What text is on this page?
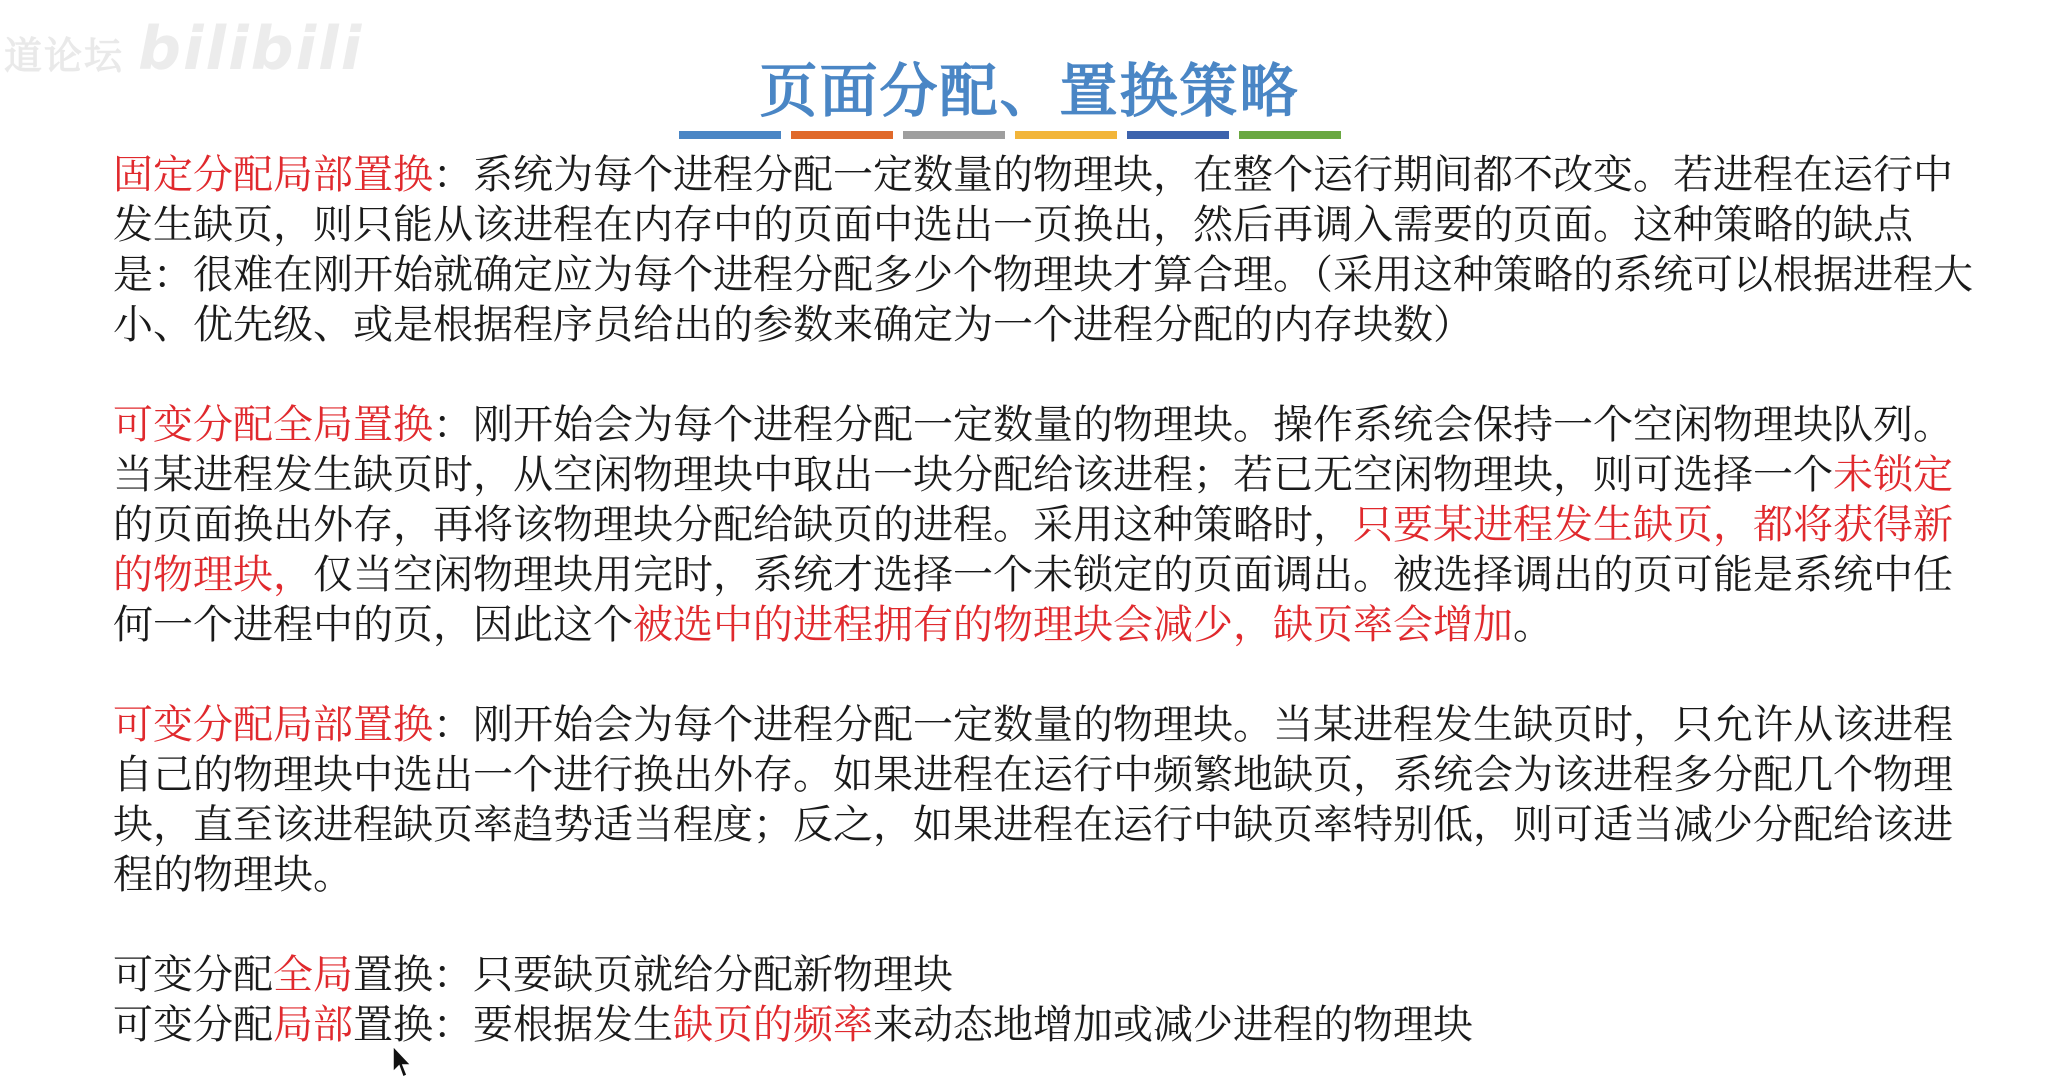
道论坛 bilibili
页面分配、置换策略

固定分配局部置换：系统为每个进程分配一定数量的物理块，在整个运行期间都不改变。若进程在运行中发生缺页，则只能从该进程在内存中的页面中选出一页换出，然后再调入需要的页面。这种策略的缺点是：很难在刚开始就确定应为每个进程分配多少个物理块才算合理。（采用这种策略的系统可以根据进程大小、优先级、或是根据程序员给出的参数来确定为一个进程分配的内存块数）

可变分配全局置换：刚开始会为每个进程分配一定数量的物理块。操作系统会保持一个空闲物理块队列。当某进程发生缺页时，从空闲物理块中取出一块分配给该进程；若已无空闲物理块，则可选择一个未锁定的页面换出外存，再将该物理块分配给缺页的进程。采用这种策略时，只要某进程发生缺页，都将获得新的物理块，仅当空闲物理块用完时，系统才选择一个未锁定的页面调出。被选择调出的页可能是系统中任何一个进程中的页，因此这个被选中的进程拥有的物理块会减少，缺页率会增加。

可变分配局部置换：刚开始会为每个进程分配一定数量的物理块。当某进程发生缺页时，只允许从该进程自己的物理块中选出一个进行换出外存。如果进程在运行中频繁地缺页，系统会为该进程多分配几个物理块，直至该进程缺页率趋势适当程度；反之，如果进程在运行中缺页率特别低，则可适当减少分配给该进程的物理块。

可变分配全局置换：只要缺页就给分配新物理块

可变分配局部置换：要根据发生缺页的频率来动态地增加或减少进程的物理块
